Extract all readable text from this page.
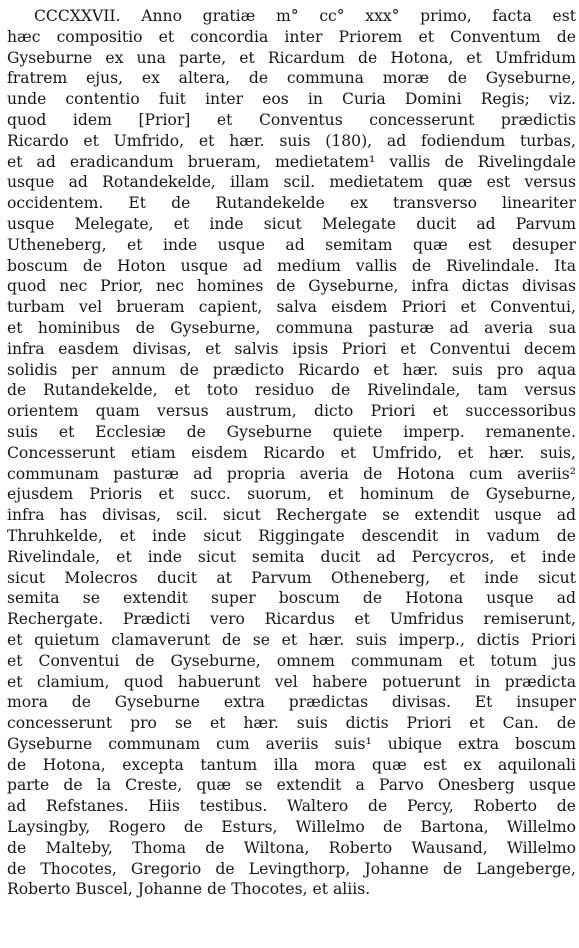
CCCXXVII. Anno gratiæ m° cc° xxx° primo, facta est
hæc compositio et concordia inter Priorem et Conventum de
Gyseburne ex una parte, et Ricardum de Hotona, et Umfridum
fratrem ejus, ex altera, de communa moræ de Gyseburne,
unde contentio fuit inter eos in Curia Domini Regis; viz.
quod idem [Prior] et Conventus concesserunt prædictis
Ricardo et Umfrido, et hær. suis (180), ad fodiendum turbas,
et ad eradicandum brueram, medietatem¹ vallis de Rivelingdale
usque ad Rotandekelde, illam scil. medietatem quæ est versus
occidentem. Et de Rutandekelde ex transverso lineariter
usque Melegate, et inde sicut Melegate ducit ad Parvum
Utheneberg, et inde usque ad semitam quæ est desuper
boscum de Hoton usque ad medium vallis de Rivelindale. Ita
quod nec Prior, nec homines de Gyseburne, infra dictas divisas
turbam vel brueram capient, salva eisdem Priori et Conventui,
et hominibus de Gyseburne, communa pasturæ ad averia sua
infra easdem divisas, et salvis ipsis Priori et Conventui decem
solidis per annum de prædicto Ricardo et hær. suis pro aqua
de Rutandekelde, et toto residuo de Rivelindale, tam versus
orientem quam versus austrum, dicto Priori et successoribus
suis et Ecclesiæ de Gyseburne quiete imperp. remanente.
Concesserunt etiam eisdem Ricardo et Umfrido, et hær. suis,
communam pasturæ ad propria averia de Hotona cum averiis²
ejusdem Prioris et succ. suorum, et hominum de Gyseburne,
infra has divisas, scil. sicut Rechergate se extendit usque ad
Thruhkelde, et inde sicut Riggingate descendit in vadum de
Rivelindale, et inde sicut semita ducit ad Percycros, et inde
sicut Molecros ducit at Parvum Otheneberg, et inde sicut
semita se extendit super boscum de Hotona usque ad
Rechergate. Prædicti vero Ricardus et Umfridus remiserunt,
et quietum clamaverunt de se et hær. suis imperp., dictis Priori
et Conventui de Gyseburne, omnem communam et totum jus
et clamium, quod habuerunt vel habere potuerunt in prædicta
mora de Gyseburne extra prædictas divisas. Et insuper
concesserunt pro se et hær. suis dictis Priori et Can. de
Gyseburne communam cum averiis suis¹ ubique extra boscum
de Hotona, excepta tantum illa mora quæ est ex aquilonali
parte de la Creste, quæ se extendit a Parvo Onesberg usque
ad Refstanes. Hiis testibus. Waltero de Percy, Roberto de
Laysingby, Rogero de Esturs, Willelmo de Bartona, Willelmo
de Malteby, Thoma de Wiltona, Roberto Wausand, Willelmo
de Thocotes, Gregorio de Levingthorp, Johanne de Langeberge,
Roberto Buscel, Johanne de Thocotes, et aliis.
